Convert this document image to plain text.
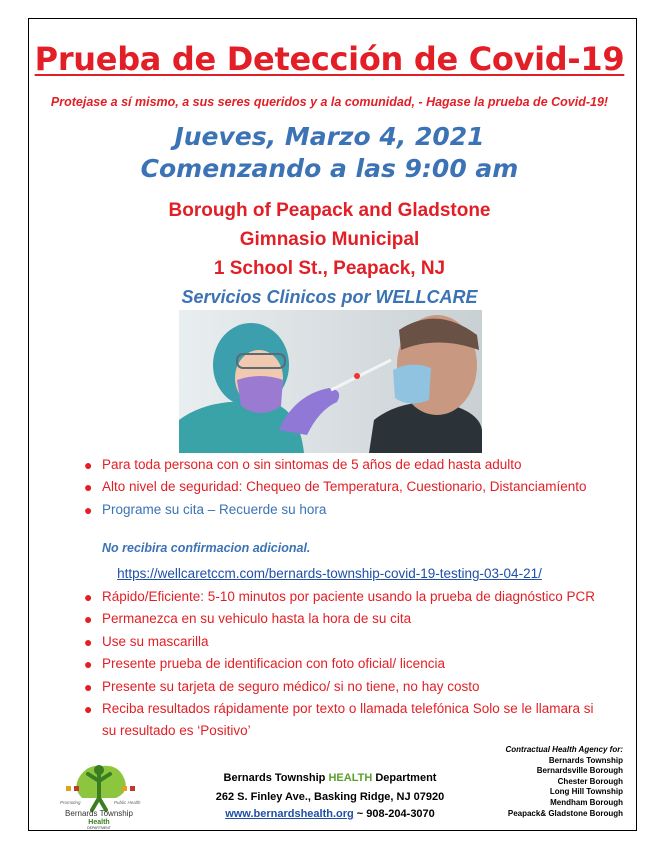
Prueba de Detección de Covid-19
Protejase a sí mismo, a sus seres queridos y a la comunidad, - Hagase la prueba de Covid-19!
Jueves, Marzo 4, 2021
Comenzando a las 9:00 am
Borough of Peapack and Gladstone
Gimnasio Municipal
1 School St., Peapack, NJ
Servicios Clinicos por WELLCARE
● Para toda persona con o sin sintomas de 5 años de edad hasta adulto
● Alto nivel de seguridad: Chequeo de Temperatura, Cuestionario, Distanciamíento
● Programe su cita – Recuerde su hora
No recibira confirmacion adicional.
https://wellcaretccm.com/bernards-township-covid-19-testing-03-04-21/
● Rápido/Eficiente: 5-10 minutos por paciente usando la prueba de diagnóstico PCR
● Permanezca en su vehiculo hasta la hora de su cita
● Use su mascarilla
● Presente prueba de identificacion con foto oficial/ licencia
● Presente su tarjeta de seguro médico/ si no tiene, no hay costo
● Reciba resultados rápidamente por texto o llamada telefónica Solo se le llamara si su resultado es ‘Positivo’
Promoting	Public Health
Bernards Township
Health
DEPARTMENT
Bernards Township HEALTH Department
262 S. Finley Ave., Basking Ridge, NJ 07920
www.bernardshealth.org ~ 908-204-3070
Contractual Health Agency for:
Bernards Township
Bernardsville Borough
Chester Borough
Long Hill Township
Mendham Borough
Peapack& Gladstone Borough
